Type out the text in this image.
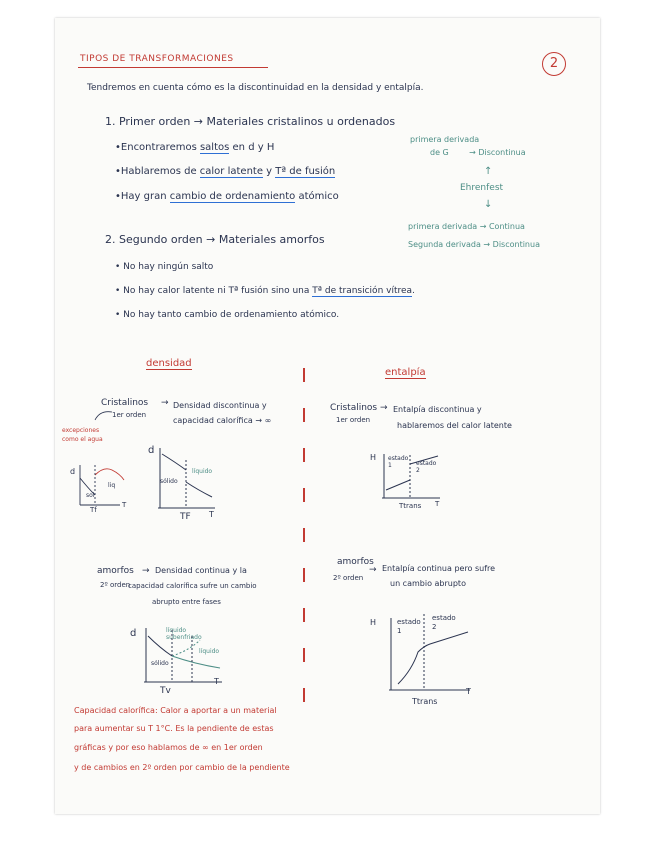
TIPOS DE TRANSFORMACIONES	2
Tendremos en cuenta cómo es la discontinuidad en la densidad y entalpía.
1. Primer orden → Materiales cristalinos u ordenados
•Encontraremos saltos en d y H
•Hablaremos de calor latente y Tª de fusión
•Hay gran cambio de ordenamiento atómico
primera derivada
de G	→ Discontinua
↑
Ehrenfest
↓
primera derivada → Continua
Segunda derivada → Discontinua
2. Segundo orden → Materiales amorfos
• No hay ningún salto
• No hay calor latente ni Tª fusión sino una Tª de transición vítrea.
• No hay tanto cambio de ordenamiento atómico.
densidad
entalpía
Cristalinos
1er orden
→ Densidad discontinua y
capacidad calorífica → ∞
excepciones como el agua
Cristalinos
1er orden
→ Entalpía discontinua y
hablaremos del calor latente
amorfos
2º orden
→ Densidad continua y la
capacidad calorífica sufre un cambio
abrupto entre fases
amorfos
2º orden
→ Entalpía continua pero sufre
un cambio abrupto
d
sol
liq
Tf
T
d
sólido
líquido
TF T
H estado 1	estado 2
Ttrans T
d	líquido subenfriado
sólido
líquido
Tv
T
H	estado 1
estado 2
Ttrans
T
Capacidad calorífica: Calor a aportar a un material
para aumentar su T 1°C. Es la pendiente de estas
gráficas y por eso hablamos de ∞ en 1er orden
y de cambios en 2º orden por cambio de la pendiente
